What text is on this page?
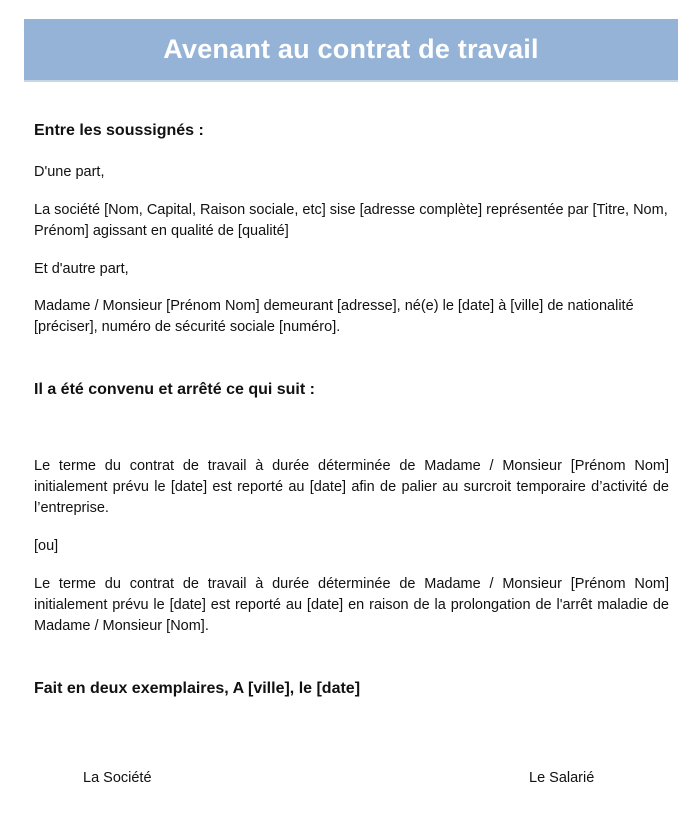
Avenant au contrat de travail

Entre les soussignés :

D'une part,

La société [Nom, Capital, Raison sociale, etc] sise [adresse complète] représentée par [Titre, Nom, Prénom] agissant en qualité de [qualité]

Et d'autre part,

Madame / Monsieur [Prénom Nom] demeurant [adresse], né(e) le [date] à [ville] de nationalité [préciser], numéro de sécurité sociale [numéro].

Il a été convenu et arrêté ce qui suit :

Le terme du contrat de travail à durée déterminée de Madame / Monsieur [Prénom Nom] initialement prévu le [date] est reporté au [date] afin de palier au surcroit temporaire d’activité de l’entreprise.

[ou]

Le terme du contrat de travail à durée déterminée de Madame / Monsieur [Prénom Nom] initialement prévu le [date] est reporté au [date] en raison de la prolongation de l'arrêt maladie de Madame / Monsieur [Nom].

Fait en deux exemplaires, A [ville], le [date]

La Société	Le Salarié
